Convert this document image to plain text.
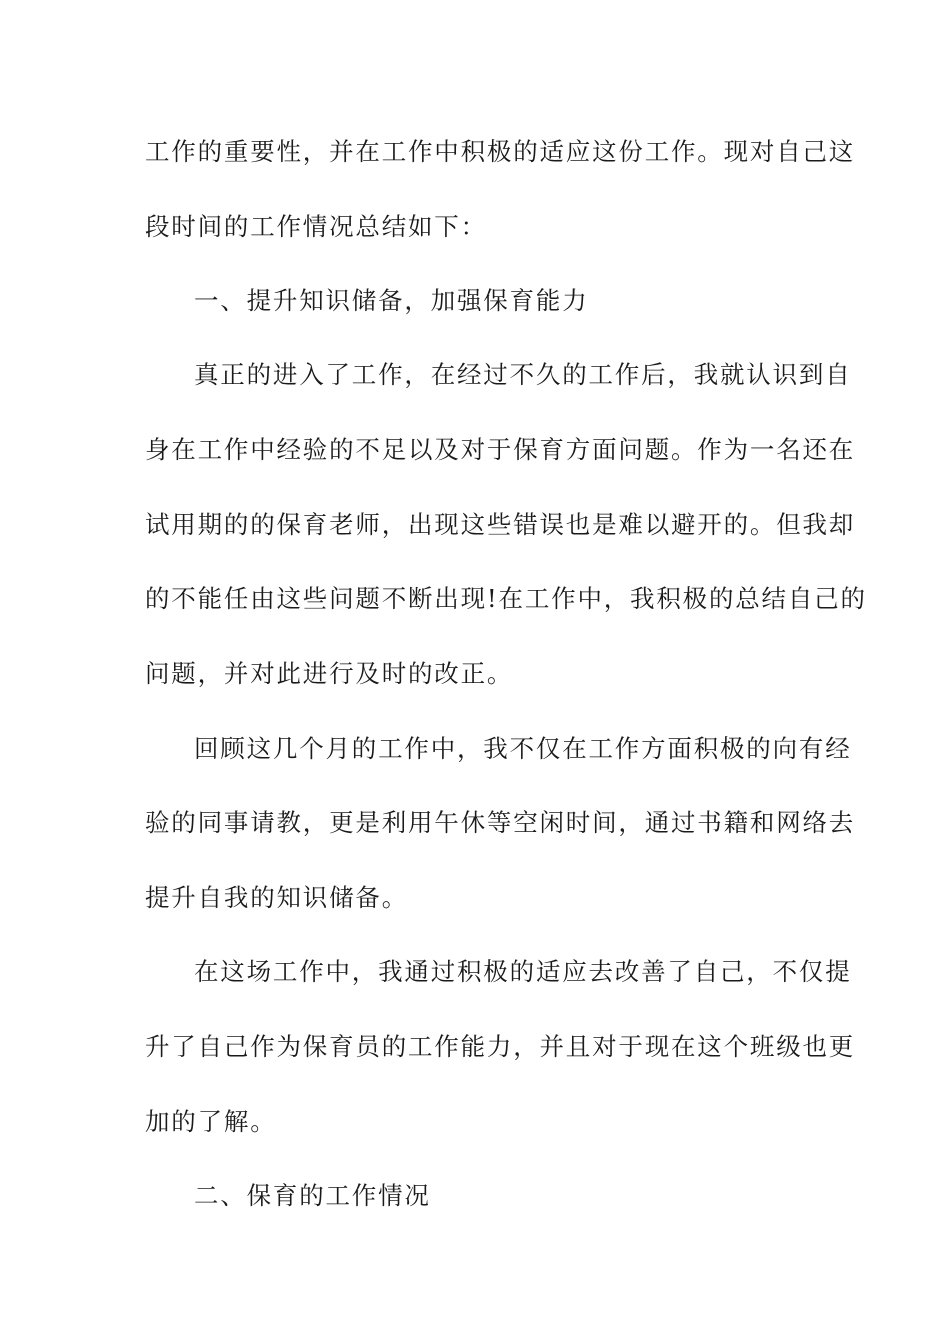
工作的重要性，并在工作中积极的适应这份工作。现对自己这
段时间的工作情况总结如下：
一、提升知识储备，加强保育能力
真正的进入了工作，在经过不久的工作后，我就认识到自
身在工作中经验的不足以及对于保育方面问题。作为一名还在
试用期的的保育老师，出现这些错误也是难以避开的。但我却
的不能任由这些问题不断出现!在工作中，我积极的总结自己的
问题，并对此进行及时的改正。
回顾这几个月的工作中，我不仅在工作方面积极的向有经
验的同事请教，更是利用午休等空闲时间，通过书籍和网络去
提升自我的知识储备。
在这场工作中，我通过积极的适应去改善了自己，不仅提
升了自己作为保育员的工作能力，并且对于现在这个班级也更
加的了解。
二、保育的工作情况
